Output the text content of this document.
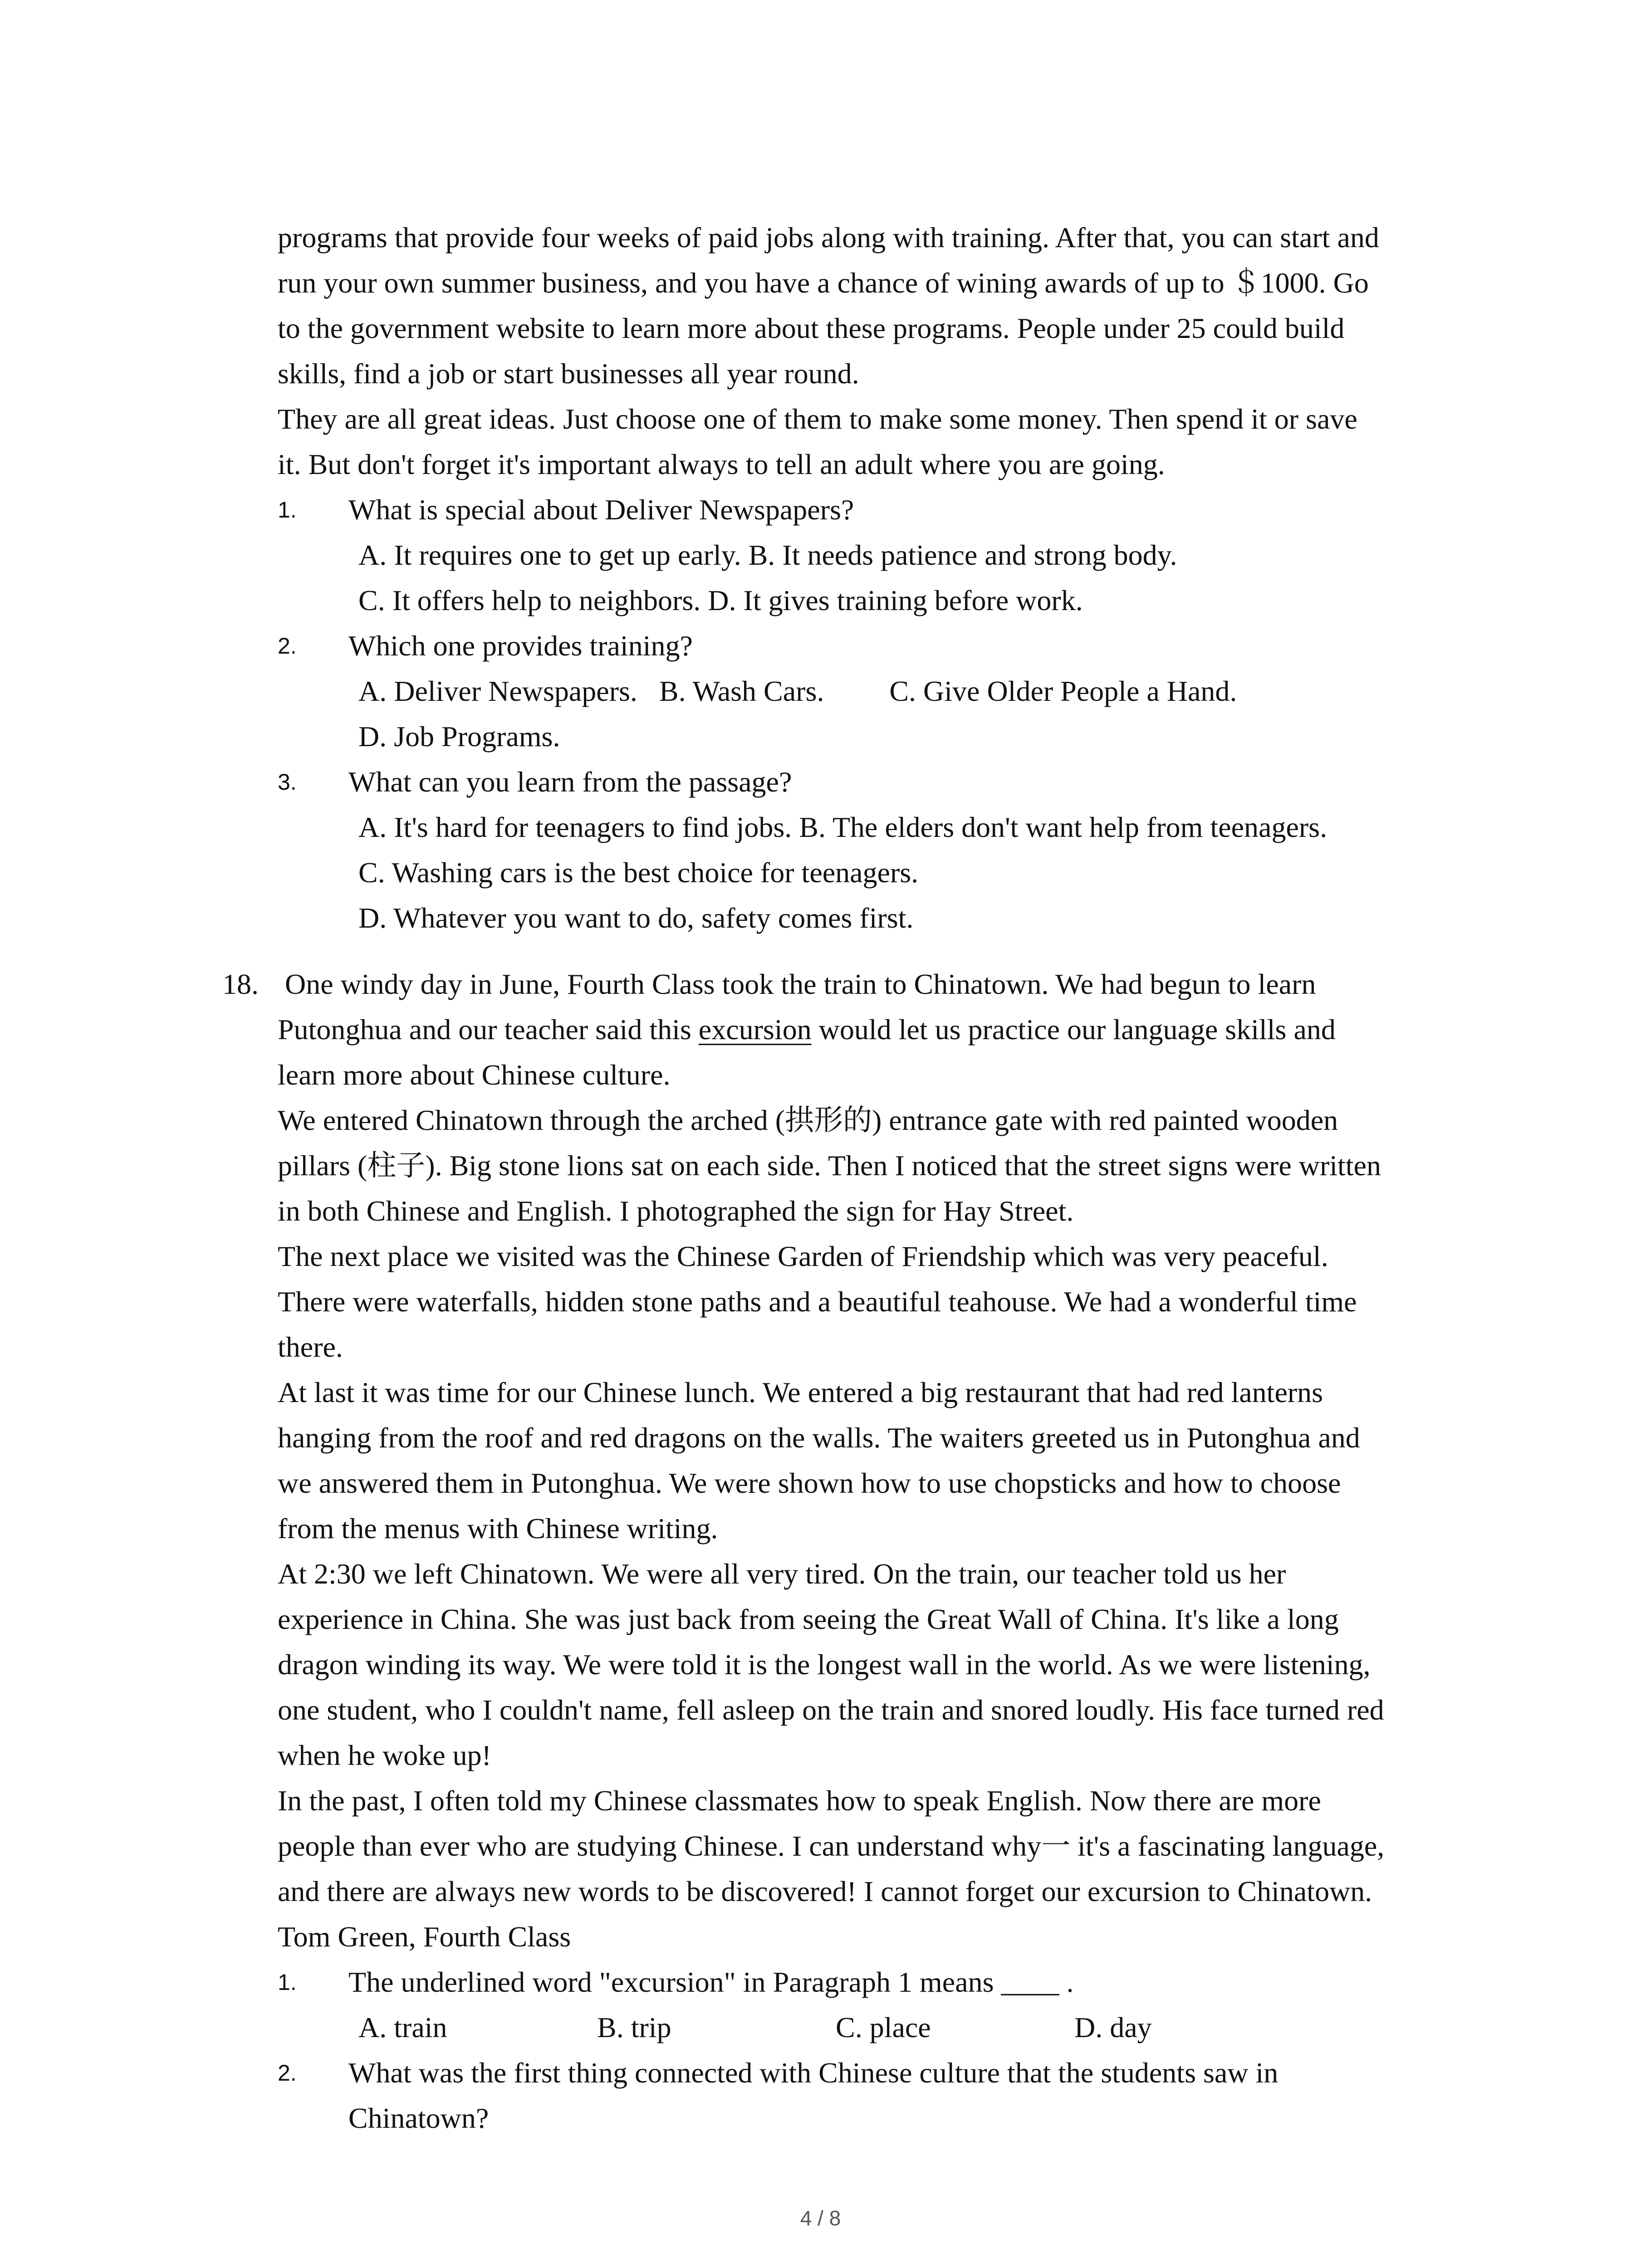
programs that provide four weeks of paid jobs along with training. After that, you can start and
run your own summer business, and you have a chance of wining awards of up to ＄1000. Go
to the government website to learn more about these programs. People under 25 could build
skills, find a job or start businesses all year round.
They are all great ideas. Just choose one of them to make some money. Then spend it or save
it. But don't forget it's important always to tell an adult where you are going.
1. What is special about Deliver Newspapers?
A. It requires one to get up early. B. It needs patience and strong body.
C. It offers help to neighbors. D. It gives training before work.
2. Which one provides training?
A. Deliver Newspapers.   B. Wash Cars.         C. Give Older People a Hand.
D. Job Programs.
3. What can you learn from the passage?
A. It's hard for teenagers to find jobs. B. The elders don't want help from teenagers.
C. Washing cars is the best choice for teenagers.
D. Whatever you want to do, safety comes first.
18. One windy day in June, Fourth Class took the train to Chinatown. We had begun to learn
Putonghua and our teacher said this excursion would let us practice our language skills and
learn more about Chinese culture.
We entered Chinatown through the arched (拱形的) entrance gate with red painted wooden
pillars (柱子). Big stone lions sat on each side. Then I noticed that the street signs were written
in both Chinese and English. I photographed the sign for Hay Street.
The next place we visited was the Chinese Garden of Friendship which was very peaceful.
There were waterfalls, hidden stone paths and a beautiful teahouse. We had a wonderful time
there.
At last it was time for our Chinese lunch. We entered a big restaurant that had red lanterns
hanging from the roof and red dragons on the walls. The waiters greeted us in Putonghua and
we answered them in Putonghua. We were shown how to use chopsticks and how to choose
from the menus with Chinese writing.
At 2:30 we left Chinatown. We were all very tired. On the train, our teacher told us her
experience in China. She was just back from seeing the Great Wall of China. It's like a long
dragon winding its way. We were told it is the longest wall in the world. As we were listening,
one student, who I couldn't name, fell asleep on the train and snored loudly. His face turned red
when he woke up!
In the past, I often told my Chinese classmates how to speak English. Now there are more
people than ever who are studying Chinese. I can understand why一 it's a fascinating language,
and there are always new words to be discovered! I cannot forget our excursion to Chinatown.
Tom Green, Fourth Class
1. The underlined word "excursion" in Paragraph 1 means ____ .
A. train	B. trip	C. place	D. day
2. What was the first thing connected with Chinese culture that the students saw in
Chinatown?
4 / 8
